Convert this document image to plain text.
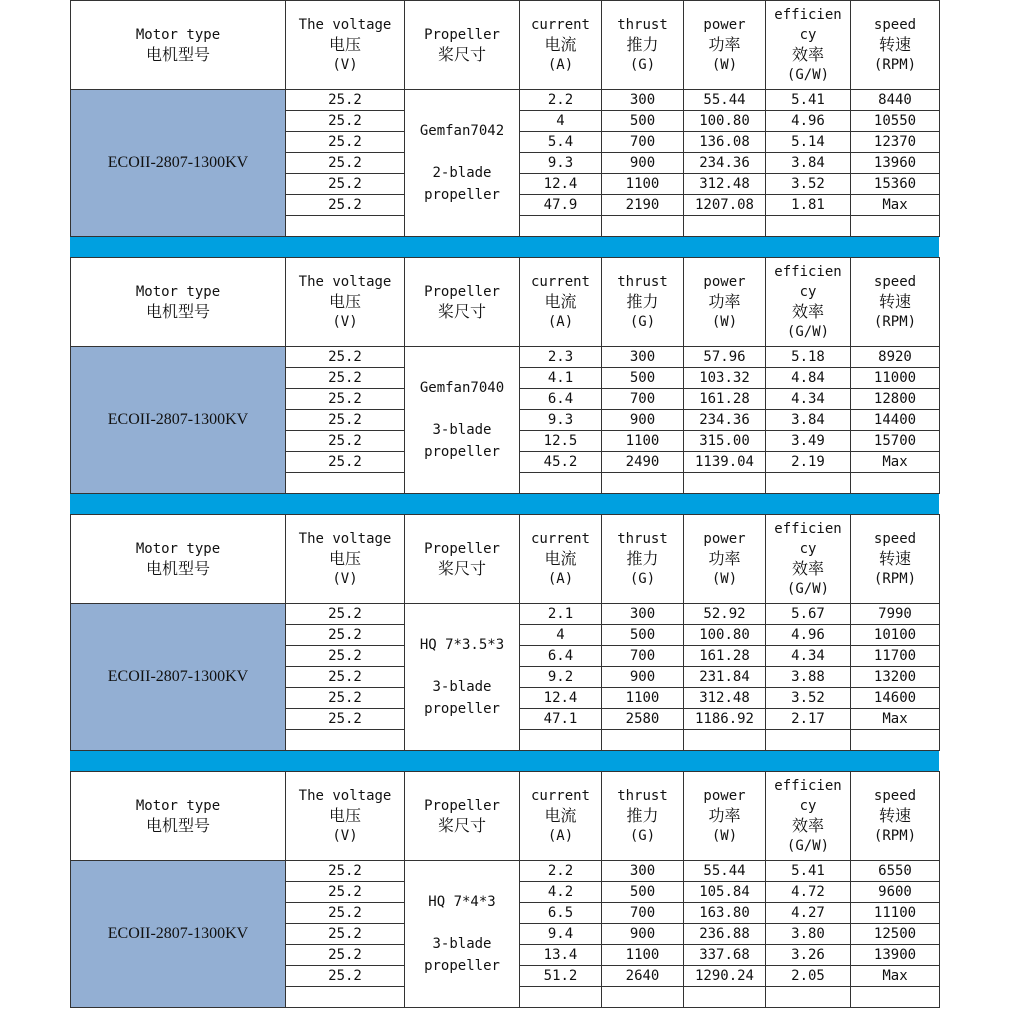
Motor type
电机型号	The voltage
电压
(V)	Propeller
桨尺寸	current
电流
(A)	thrust
推力
(G)	power
功率
(W)	efficien
cy
效率
(G/W)	speed
转速
(RPM)

ECOII-2807-1300KV	25.2	Gemfan7042
2-blade
propeller	2.2	300	55.44	5.41	8440
	25.2		4	500	100.80	4.96	10550
	25.2		5.4	700	136.08	5.14	12370
	25.2		9.3	900	234.36	3.84	13960
	25.2		12.4	1100	312.48	3.52	15360
	25.2		47.9	2190	1207.08	1.81	Max

Motor type
电机型号	The voltage
电压
(V)	Propeller
桨尺寸	current
电流
(A)	thrust
推力
(G)	power
功率
(W)	efficien
cy
效率
(G/W)	speed
转速
(RPM)

ECOII-2807-1300KV	25.2	Gemfan7040
3-blade
propeller	2.3	300	57.96	5.18	8920
	25.2		4.1	500	103.32	4.84	11000
	25.2		6.4	700	161.28	4.34	12800
	25.2		9.3	900	234.36	3.84	14400
	25.2		12.5	1100	315.00	3.49	15700
	25.2		45.2	2490	1139.04	2.19	Max

Motor type
电机型号	The voltage
电压
(V)	Propeller
桨尺寸	current
电流
(A)	thrust
推力
(G)	power
功率
(W)	efficien
cy
效率
(G/W)	speed
转速
(RPM)

ECOII-2807-1300KV	25.2	HQ 7*3.5*3
3-blade
propeller	2.1	300	52.92	5.67	7990
	25.2		4	500	100.80	4.96	10100
	25.2		6.4	700	161.28	4.34	11700
	25.2		9.2	900	231.84	3.88	13200
	25.2		12.4	1100	312.48	3.52	14600
	25.2		47.1	2580	1186.92	2.17	Max

Motor type
电机型号	The voltage
电压
(V)	Propeller
桨尺寸	current
电流
(A)	thrust
推力
(G)	power
功率
(W)	efficien
cy
效率
(G/W)	speed
转速
(RPM)

ECOII-2807-1300KV	25.2	HQ 7*4*3
3-blade
propeller	2.2	300	55.44	5.41	6550
	25.2		4.2	500	105.84	4.72	9600
	25.2		6.5	700	163.80	4.27	11100
	25.2		9.4	900	236.88	3.80	12500
	25.2		13.4	1100	337.68	3.26	13900
	25.2		51.2	2640	1290.24	2.05	Max
